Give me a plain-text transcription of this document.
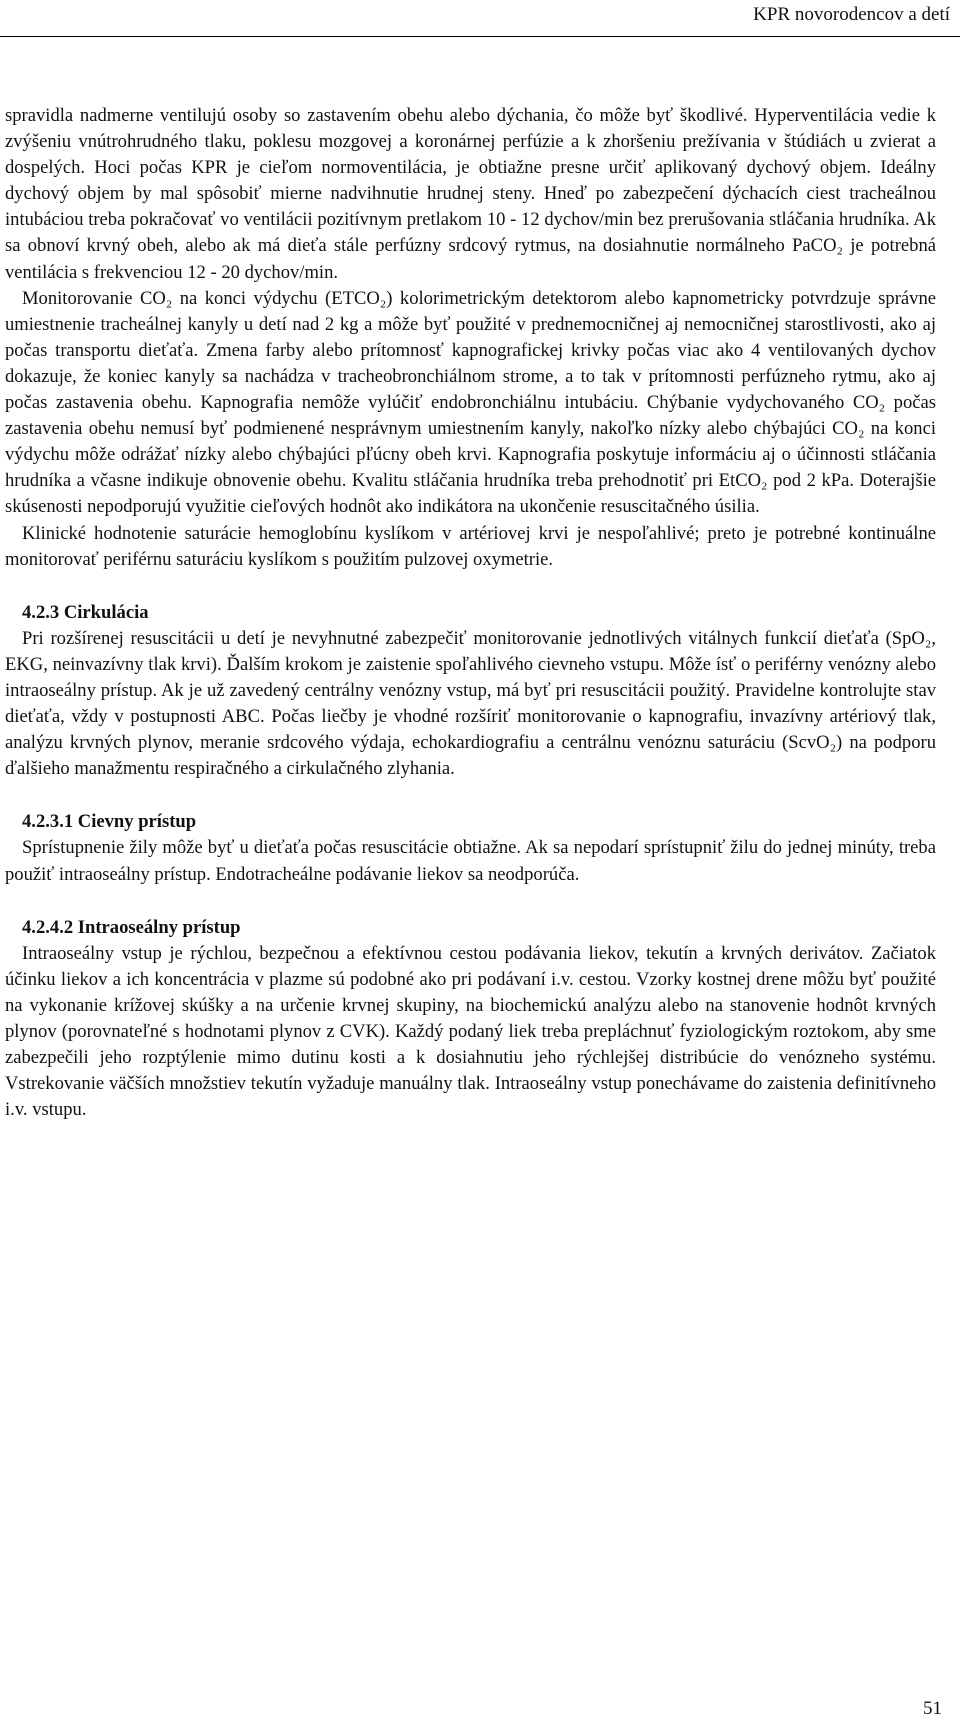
KPR novorodencov a detí

spravidla nadmerne ventilujú osoby so zastavením obehu alebo dýchania, čo môže byť škodlivé. Hyperventilácia vedie k zvýšeniu vnútrohrudného tlaku, poklesu mozgovej a koronárnej perfúzie a k zhoršeniu prežívania v štúdiách u zvierat a dospelých. Hoci počas KPR je cieľom normoventilácia, je obtiažne presne určiť aplikovaný dychový objem. Ideálny dychový objem by mal spôsobiť mierne nadvihnutie hrudnej steny. Hneď po zabezpečení dýchacích ciest tracheálnou intubáciou treba pokračovať vo ventilácii pozitívnym pretlakom 10 - 12 dychov/min bez prerušovania stláčania hrudníka. Ak sa obnoví krvný obeh, alebo ak má dieťa stále perfúzny srdcový rytmus, na dosiahnutie normálneho PaCO₂ je potrebná ventilácia s frekvenciou 12 - 20 dychov/min.

Monitorovanie CO₂ na konci výdychu (ETCO₂) kolorimetrickým detektorom alebo kapnometricky potvrdzuje správne umiestnenie tracheálnej kanyly u detí nad 2 kg a môže byť použité v prednemocničnej aj nemocničnej starostlivosti, ako aj počas transportu dieťaťa. Zmena farby alebo prítomnosť kapnografickej krivky počas viac ako 4 ventilovaných dychov dokazuje, že koniec kanyly sa nachádza v tracheobronchiálnom strome, a to tak v prítomnosti perfúzneho rytmu, ako aj počas zastavenia obehu. Kapnografia nemôže vylúčiť endobronchiálnu intubáciu. Chýbanie vydychovaného CO₂ počas zastavenia obehu nemusí byť podmienené nesprávnym umiestnením kanyly, nakoľko nízky alebo chýbajúci CO₂ na konci výdychu môže odrážať nízky alebo chýbajúci pľúcny obeh krvi. Kapnografia poskytuje informáciu aj o účinnosti stláčania hrudníka a včasne indikuje obnovenie obehu. Kvalitu stláčania hrudníka treba prehodnotiť pri EtCO₂ pod 2 kPa. Doterajšie skúsenosti nepodporujú využitie cieľových hodnôt ako indikátora na ukončenie resuscitačného úsilia.

Klinické hodnotenie saturácie hemoglobínu kyslíkom v artériovej krvi je nespoľahlivé; preto je potrebné kontinuálne monitorovať periférnu saturáciu kyslíkom s použitím pulzovej oxymetrie.

4.2.3 Cirkulácia

Pri rozšírenej resuscitácii u detí je nevyhnutné zabezpečiť monitorovanie jednotlivých vitálnych funkcií dieťaťa (SpO₂, EKG, neinvazívny tlak krvi). Ďalším krokom je zaistenie spoľahlivého cievneho vstupu. Môže ísť o periférny venózny alebo intraoseálny prístup. Ak je už zavedený centrálny venózny vstup, má byť pri resuscitácii použitý. Pravidelne kontrolujte stav dieťaťa, vždy v postupnosti ABC. Počas liečby je vhodné rozšíriť monitorovanie o kapnografiu, invazívny artériový tlak, analýzu krvných plynov, meranie srdcového výdaja, echokardiografiu a centrálnu venóznu saturáciu (ScvO₂) na podporu ďalšieho manažmentu respiračného a cirkulačného zlyhania.

4.2.3.1 Cievny prístup

Sprístupnenie žily môže byť u dieťaťa počas resuscitácie obtiažne. Ak sa nepodarí sprístupniť žilu do jednej minúty, treba použiť intraoseálny prístup. Endotracheálne podávanie liekov sa neodporúča.

4.2.4.2 Intraoseálny prístup

Intraoseálny vstup je rýchlou, bezpečnou a efektívnou cestou podávania liekov, tekutín a krvných derivátov. Začiatok účinku liekov a ich koncentrácia v plazme sú podobné ako pri podávaní i.v. cestou. Vzorky kostnej drene môžu byť použité na vykonanie krížovej skúšky a na určenie krvnej skupiny, na biochemickú analýzu alebo na stanovenie hodnôt krvných plynov (porovnateľné s hodnotami plynov z CVK). Každý podaný liek treba prepláchnuť fyziologickým roztokom, aby sme zabezpečili jeho rozptýlenie mimo dutinu kosti a k dosiahnutiu jeho rýchlejšej distribúcie do venózneho systému. Vstrekovanie väčších množstiev tekutín vyžaduje manuálny tlak. Intraoseálny vstup ponechávame do zaistenia definitívneho i.v. vstupu.

51
